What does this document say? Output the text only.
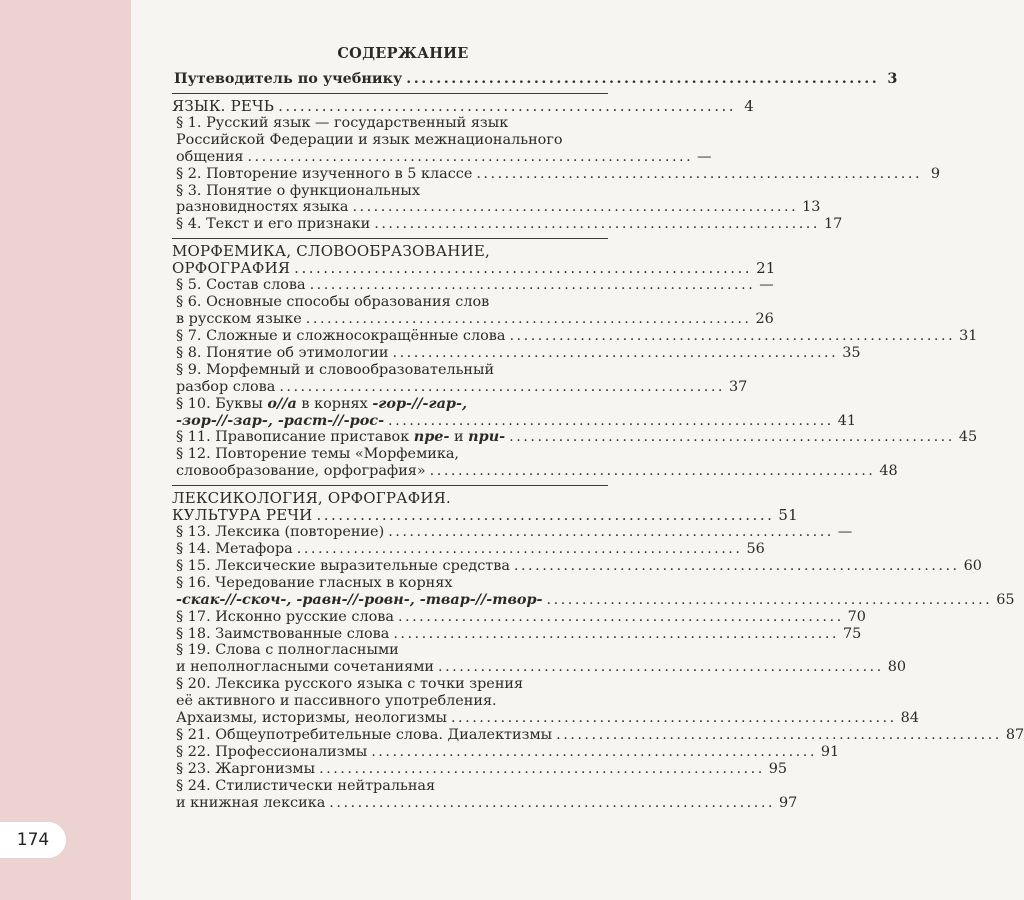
174
СОДЕРЖАНИЕ
Путеводитель по учебнику ............................................................... 3
ЯЗЫК. РЕЧЬ ............................................................... 4
§ 1. Русский язык — государственный язык
Российской Федерации и язык межнационального
общения ............................................................... —
§ 2. Повторение изученного в 5 классе ............................................................... 9
§ 3. Понятие о функциональных
разновидностях языка ............................................................... 13
§ 4. Текст и его признаки ............................................................... 17
МОРФЕМИКА, СЛОВООБРАЗОВАНИЕ,
ОРФОГРАФИЯ ............................................................... 21
§ 5. Состав слова ............................................................... —
§ 6. Основные способы образования слов
в русском языке ............................................................... 26
§ 7. Сложные и сложносокращённые слова ............................................................... 31
§ 8. Понятие об этимологии ............................................................... 35
§ 9. Морфемный и словообразовательный
разбор слова ............................................................... 37
§ 10. Буквы о//а в корнях -гор-//-гар-,
-зор-//-зар-, -раст-//-рос- ............................................................... 41
§ 11. Правописание приставок пре- и при- ............................................................... 45
§ 12. Повторение темы «Морфемика,
словообразование, орфография» ............................................................... 48
ЛЕКСИКОЛОГИЯ, ОРФОГРАФИЯ.
КУЛЬТУРА РЕЧИ ............................................................... 51
§ 13. Лексика (повторение) ............................................................... —
§ 14. Метафора ............................................................... 56
§ 15. Лексические выразительные средства ............................................................... 60
§ 16. Чередование гласных в корнях
-скак-//-скоч-, -равн-//-ровн-, -твар-//-твор- ............................................................... 65
§ 17. Исконно русские слова ............................................................... 70
§ 18. Заимствованные слова ............................................................... 75
§ 19. Слова с полногласными
и неполногласными сочетаниями ............................................................... 80
§ 20. Лексика русского языка с точки зрения
её активного и пассивного употребления.
Архаизмы, историзмы, неологизмы ............................................................... 84
§ 21. Общеупотребительные слова. Диалектизмы ............................................................... 87
§ 22. Профессионализмы ............................................................... 91
§ 23. Жаргонизмы ............................................................... 95
§ 24. Стилистически нейтральная
и книжная лексика ............................................................... 97
